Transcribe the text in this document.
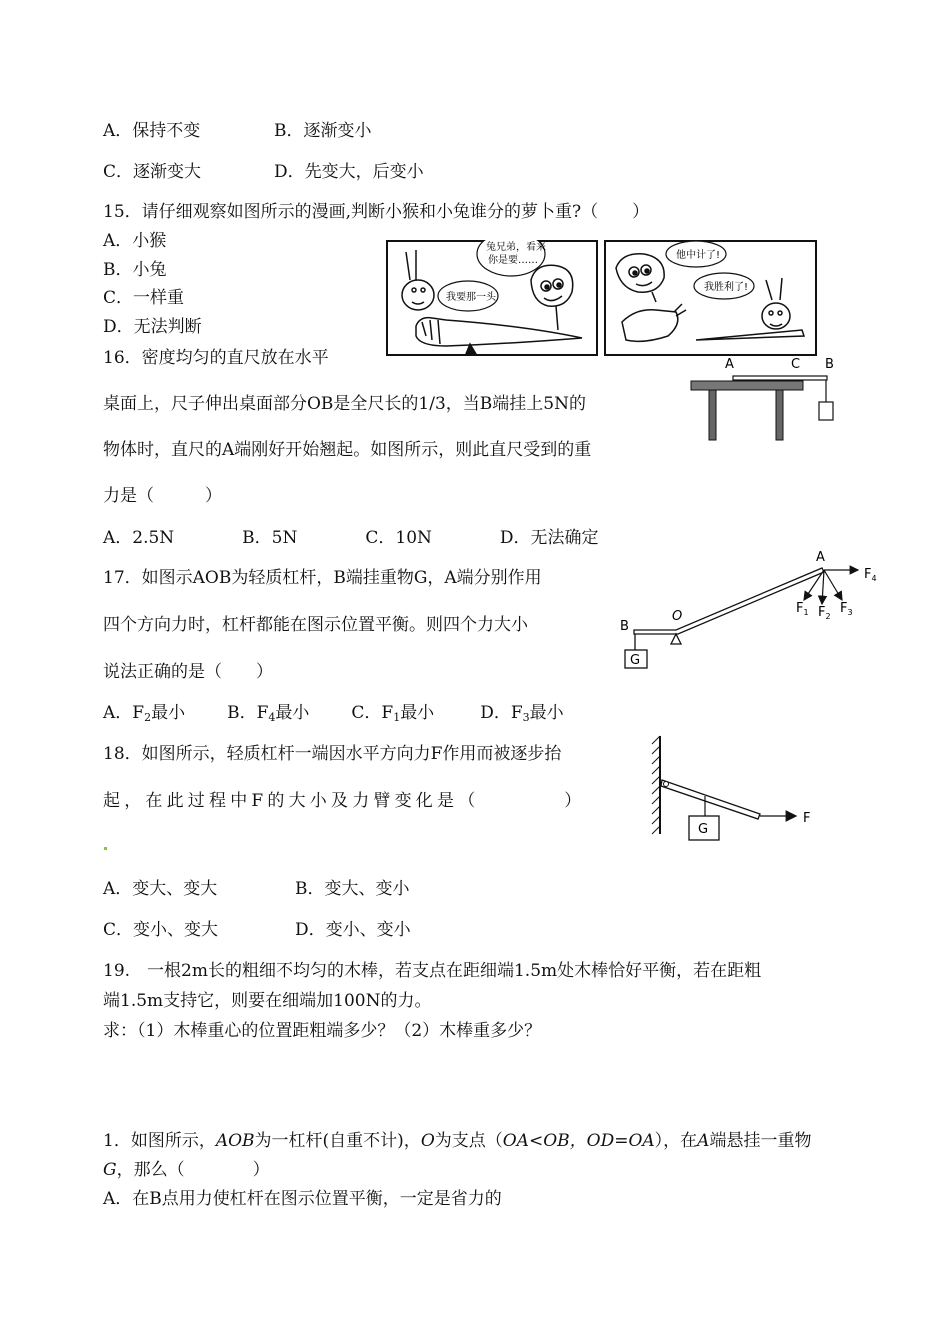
A．保持不变	B．逐渐变小
C．逐渐变大	D．先变大，后变小
15．请仔细观察如图所示的漫画,判断小猴和小兔谁分的萝卜重?（　　）
A．小猴
B．小兔
C．一样重
D．无法判断
兔兄弟，看来
你是要……
我要那一头
他中计了!
我胜利了!
16．密度均匀的直尺放在水平
桌面上，尺子伸出桌面部分OB是全尺长的1/3，当B端挂上5N的
物体时，直尺的A端刚好开始翘起。如图所示，则此直尺受到的重
力是（　　　）
A．2.5N　　　　B．5N　　　　C．10N　　　　D．无法确定
A	C B
17．如图示AOB为轻质杠杆，B端挂重物G，A端分别作用
四个方向力时，杠杆都能在图示位置平衡。则四个力大小
说法正确的是（　　）
A．$F_2$最小 B．$F_4$最小 C．$F_1$最小	D．$F_3$最小
A
O
B
G
$F_4$
$F_1$ $F_2$
$F_3$
18．如图所示，轻质杠杆一端因水平方向力F作用而被逐步抬
起，在此过程中F的大小及力臂变化是（　　　　）
A．变大、变大	B．变大、变小
C．变小、变大	D．变小、变小
G
F
19.　一根2m长的粗细不均匀的木棒，若支点在距细端1.5m处木棒恰好平衡，若在距粗
端1.5m支持它，则要在细端加100N的力。
求：（1）木棒重心的位置距粗端多少？（2）木棒重多少？
1．如图所示，AOB为一杠杆(自重不计)，O为支点（OA<OB，OD=OA），在A端悬挂一重物
G，那么（　　　　）
A．在B点用力使杠杆在图示位置平衡，一定是省力的
